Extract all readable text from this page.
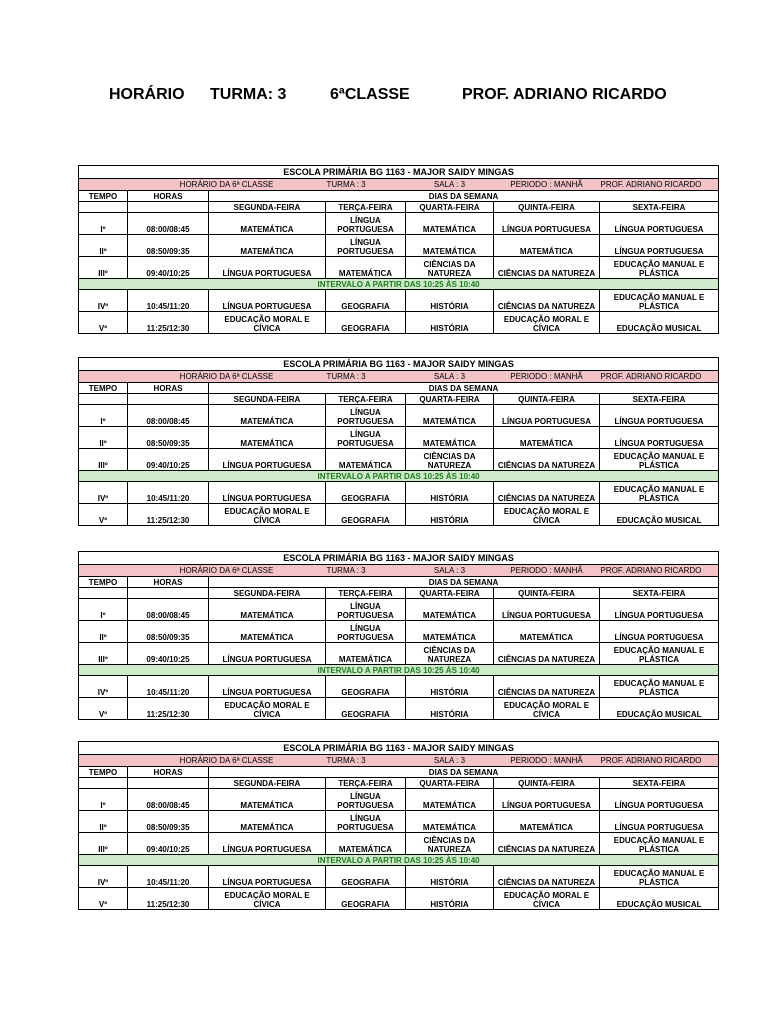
HORÁRIO TURMA: 3	6ªCLASSE	PROF. ADRIANO RICARDO
ESCOLA PRIMÁRIA BG 1163 - MAJOR SAIDY MINGAS						
	HORÁRIO DA 6ª CLASSE		TURMA : 3	SALA : 3	PERIODO : MANHÃ	PROF. ADRIANO RICARDO
TEMPO	HORAS	DIAS DA SEMANA				
		SEGUNDA-FEIRA	TERÇA-FEIRA	QUARTA-FEIRA	QUINTA-FEIRA	SEXTA-FEIRA
Iº	08:00/08:45	MATEMÁTICA	LÍNGUA PORTUGUESA	MATEMÁTICA	LÍNGUA PORTUGUESA	LÍNGUA PORTUGUESA
IIº	08:50/09:35	MATEMÁTICA	LÍNGUA PORTUGUESA	MATEMÁTICA	MATEMÁTICA	LÍNGUA PORTUGUESA
IIIº	09:40/10:25	LÍNGUA PORTUGUESA	MATEMÁTICA	CIÊNCIAS DA NATUREZA	CIÊNCIAS DA NATUREZA	EDUCAÇÃO MANUAL E PLÁSTICA
INTERVALO A PARTIR DAS 10:25 ÀS 10:40						
IVº	10:45/11:20	LÍNGUA PORTUGUESA	GEOGRAFIA	HISTÓRIA	CIÊNCIAS DA NATUREZA	EDUCAÇÃO MANUAL E PLÁSTICA
Vº	11:25/12:30	EDUCAÇÃO MORAL E CÍVICA	GEOGRAFIA	HISTÓRIA	EDUCAÇÃO MORAL E CÍVICA	EDUCAÇÃO MUSICAL
ESCOLA PRIMÁRIA BG 1163 - MAJOR SAIDY MINGAS						
	HORÁRIO DA 6ª CLASSE		TURMA : 3	SALA : 3	PERIODO : MANHÃ	PROF. ADRIANO RICARDO
TEMPO	HORAS	DIAS DA SEMANA				
		SEGUNDA-FEIRA	TERÇA-FEIRA	QUARTA-FEIRA	QUINTA-FEIRA	SEXTA-FEIRA
Iº	08:00/08:45	MATEMÁTICA	LÍNGUA PORTUGUESA	MATEMÁTICA	LÍNGUA PORTUGUESA	LÍNGUA PORTUGUESA
IIº	08:50/09:35	MATEMÁTICA	LÍNGUA PORTUGUESA	MATEMÁTICA	MATEMÁTICA	LÍNGUA PORTUGUESA
IIIº	09:40/10:25	LÍNGUA PORTUGUESA	MATEMÁTICA	CIÊNCIAS DA NATUREZA	CIÊNCIAS DA NATUREZA	EDUCAÇÃO MANUAL E PLÁSTICA
INTERVALO A PARTIR DAS 10:25 ÀS 10:40						
IVº	10:45/11:20	LÍNGUA PORTUGUESA	GEOGRAFIA	HISTÓRIA	CIÊNCIAS DA NATUREZA	EDUCAÇÃO MANUAL E PLÁSTICA
Vº	11:25/12:30	EDUCAÇÃO MORAL E CÍVICA	GEOGRAFIA	HISTÓRIA	EDUCAÇÃO MORAL E CÍVICA	EDUCAÇÃO MUSICAL
ESCOLA PRIMÁRIA BG 1163 - MAJOR SAIDY MINGAS						
	HORÁRIO DA 6ª CLASSE		TURMA : 3	SALA : 3	PERIODO : MANHÃ	PROF. ADRIANO RICARDO
TEMPO	HORAS	DIAS DA SEMANA				
		SEGUNDA-FEIRA	TERÇA-FEIRA	QUARTA-FEIRA	QUINTA-FEIRA	SEXTA-FEIRA
Iº	08:00/08:45	MATEMÁTICA	LÍNGUA PORTUGUESA	MATEMÁTICA	LÍNGUA PORTUGUESA	LÍNGUA PORTUGUESA
IIº	08:50/09:35	MATEMÁTICA	LÍNGUA PORTUGUESA	MATEMÁTICA	MATEMÁTICA	LÍNGUA PORTUGUESA
IIIº	09:40/10:25	LÍNGUA PORTUGUESA	MATEMÁTICA	CIÊNCIAS DA NATUREZA	CIÊNCIAS DA NATUREZA	EDUCAÇÃO MANUAL E PLÁSTICA
INTERVALO A PARTIR DAS 10:25 ÀS 10:40						
IVº	10:45/11:20	LÍNGUA PORTUGUESA	GEOGRAFIA	HISTÓRIA	CIÊNCIAS DA NATUREZA	EDUCAÇÃO MANUAL E PLÁSTICA
Vº	11:25/12:30	EDUCAÇÃO MORAL E CÍVICA	GEOGRAFIA	HISTÓRIA	EDUCAÇÃO MORAL E CÍVICA	EDUCAÇÃO MUSICAL
ESCOLA PRIMÁRIA BG 1163 - MAJOR SAIDY MINGAS						
	HORÁRIO DA 6ª CLASSE		TURMA : 3	SALA : 3	PERIODO : MANHÃ	PROF. ADRIANO RICARDO
TEMPO	HORAS	DIAS DA SEMANA				
		SEGUNDA-FEIRA	TERÇA-FEIRA	QUARTA-FEIRA	QUINTA-FEIRA	SEXTA-FEIRA
Iº	08:00/08:45	MATEMÁTICA	LÍNGUA PORTUGUESA	MATEMÁTICA	LÍNGUA PORTUGUESA	LÍNGUA PORTUGUESA
IIº	08:50/09:35	MATEMÁTICA	LÍNGUA PORTUGUESA	MATEMÁTICA	MATEMÁTICA	LÍNGUA PORTUGUESA
IIIº	09:40/10:25	LÍNGUA PORTUGUESA	MATEMÁTICA	CIÊNCIAS DA NATUREZA	CIÊNCIAS DA NATUREZA	EDUCAÇÃO MANUAL E PLÁSTICA
INTERVALO A PARTIR DAS 10:25 ÀS 10:40						
IVº	10:45/11:20	LÍNGUA PORTUGUESA	GEOGRAFIA	HISTÓRIA	CIÊNCIAS DA NATUREZA	EDUCAÇÃO MANUAL E PLÁSTICA
Vº	11:25/12:30	EDUCAÇÃO MORAL E CÍVICA	GEOGRAFIA	HISTÓRIA	EDUCAÇÃO MORAL E CÍVICA	EDUCAÇÃO MUSICAL
